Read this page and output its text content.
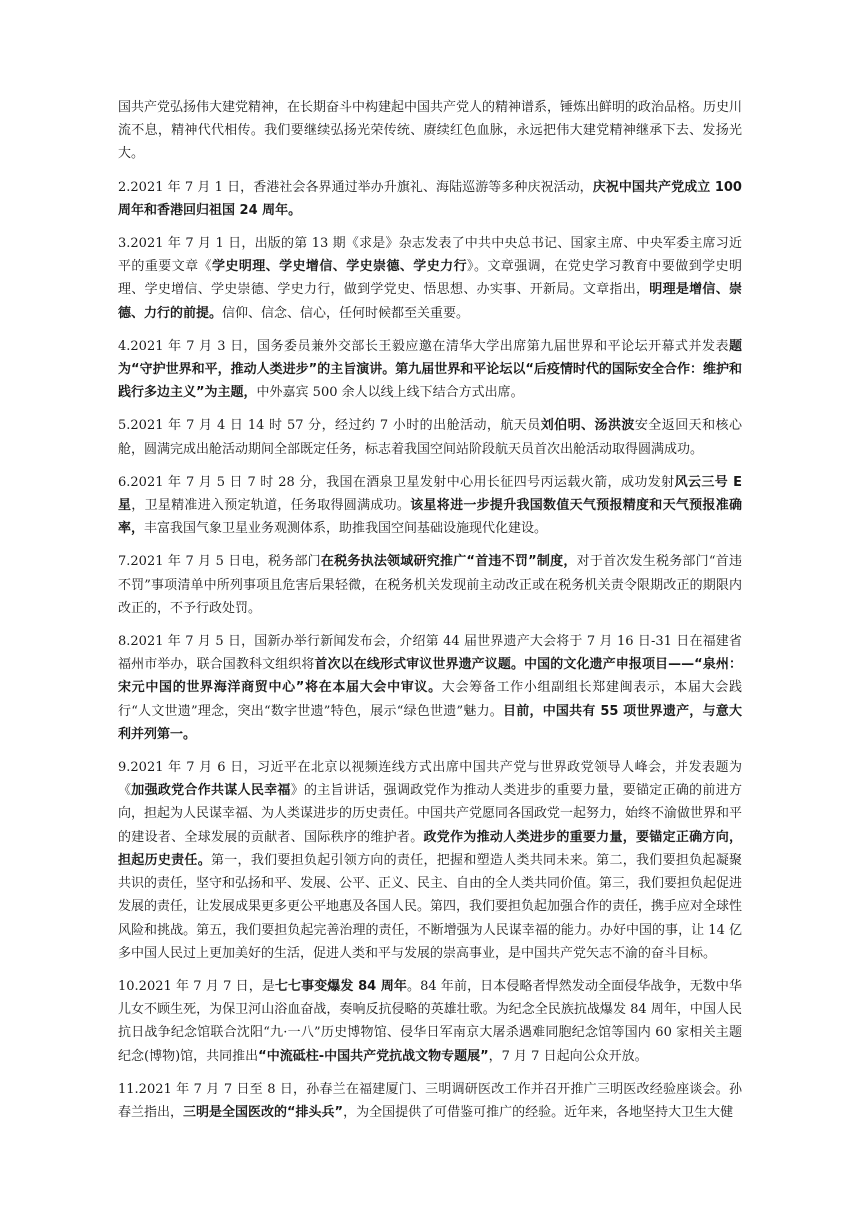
国共产党弘扬伟大建党精神，在长期奋斗中构建起中国共产党人的精神谱系，锤炼出鲜明的政治品格。历史川流不息，精神代代相传。我们要继续弘扬光荣传统、赓续红色血脉，永远把伟大建党精神继承下去、发扬光大。

2.2021 年 7 月 1 日，香港社会各界通过举办升旗礼、海陆巡游等多种庆祝活动，庆祝中国共产党成立 100 周年和香港回归祖国 24 周年。

3.2021 年 7 月 1 日，出版的第 13 期《求是》杂志发表了中共中央总书记、国家主席、中央军委主席习近平的重要文章《学史明理、学史增信、学史崇德、学史力行》。文章强调，在党史学习教育中要做到学史明理、学史增信、学史崇德、学史力行，做到学党史、悟思想、办实事、开新局。文章指出，明理是增信、崇德、力行的前提。信仰、信念、信心，任何时候都至关重要。

4.2021 年 7 月 3 日，国务委员兼外交部长王毅应邀在清华大学出席第九届世界和平论坛开幕式并发表题为“守护世界和平，推动人类进步”的主旨演讲。第九届世界和平论坛以“后疫情时代的国际安全合作：维护和践行多边主义”为主题，中外嘉宾 500 余人以线上线下结合方式出席。

5.2021 年 7 月 4 日 14 时 57 分，经过约 7 小时的出舱活动，航天员刘伯明、汤洪波安全返回天和核心舱，圆满完成出舱活动期间全部既定任务，标志着我国空间站阶段航天员首次出舱活动取得圆满成功。

6.2021 年 7 月 5 日 7 时 28 分，我国在酒泉卫星发射中心用长征四号丙运载火箭，成功发射风云三号 E 星，卫星精准进入预定轨道，任务取得圆满成功。该星将进一步提升我国数值天气预报精度和天气预报准确率，丰富我国气象卫星业务观测体系，助推我国空间基础设施现代化建设。

7.2021 年 7 月 5 日电，税务部门在税务执法领域研究推广“首违不罚”制度，对于首次发生税务部门“首违不罚”事项清单中所列事项且危害后果轻微，在税务机关发现前主动改正或在税务机关责令限期改正的期限内改正的，不予行政处罚。

8.2021 年 7 月 5 日，国新办举行新闻发布会，介绍第 44 届世界遗产大会将于 7 月 16 日-31 日在福建省福州市举办，联合国教科文组织将首次以在线形式审议世界遗产议题。中国的文化遗产申报项目——“泉州：宋元中国的世界海洋商贸中心”将在本届大会中审议。大会筹备工作小组副组长郑建闽表示，本届大会践行“人文世遗”理念，突出“数字世遗”特色，展示“绿色世遗”魅力。目前，中国共有 55 项世界遗产，与意大利并列第一。

9.2021 年 7 月 6 日，习近平在北京以视频连线方式出席中国共产党与世界政党领导人峰会，并发表题为《加强政党合作共谋人民幸福》的主旨讲话，强调政党作为推动人类进步的重要力量，要锚定正确的前进方向，担起为人民谋幸福、为人类谋进步的历史责任。中国共产党愿同各国政党一起努力，始终不渝做世界和平的建设者、全球发展的贡献者、国际秩序的维护者。政党作为推动人类进步的重要力量，要锚定正确方向，担起历史责任。第一，我们要担负起引领方向的责任，把握和塑造人类共同未来。第二，我们要担负起凝聚共识的责任，坚守和弘扬和平、发展、公平、正义、民主、自由的全人类共同价值。第三，我们要担负起促进发展的责任，让发展成果更多更公平地惠及各国人民。第四，我们要担负起加强合作的责任，携手应对全球性风险和挑战。第五，我们要担负起完善治理的责任，不断增强为人民谋幸福的能力。办好中国的事，让 14 亿多中国人民过上更加美好的生活，促进人类和平与发展的崇高事业，是中国共产党矢志不渝的奋斗目标。

10.2021 年 7 月 7 日，是七七事变爆发 84 周年。84 年前，日本侵略者悍然发动全面侵华战争，无数中华儿女不顾生死，为保卫河山浴血奋战，奏响反抗侵略的英雄壮歌。为纪念全民族抗战爆发 84 周年，中国人民抗日战争纪念馆联合沈阳“九·一八”历史博物馆、侵华日军南京大屠杀遇难同胞纪念馆等国内 60 家相关主题纪念(博物)馆，共同推出“中流砥柱-中国共产党抗战文物专题展”，7 月 7 日起向公众开放。

11.2021 年 7 月 7 日至 8 日，孙春兰在福建厦门、三明调研医改工作并召开推广三明医改经验座谈会。孙春兰指出，三明是全国医改的“排头兵”，为全国提供了可借鉴可推广的经验。近年来，各地坚持大卫生大健
